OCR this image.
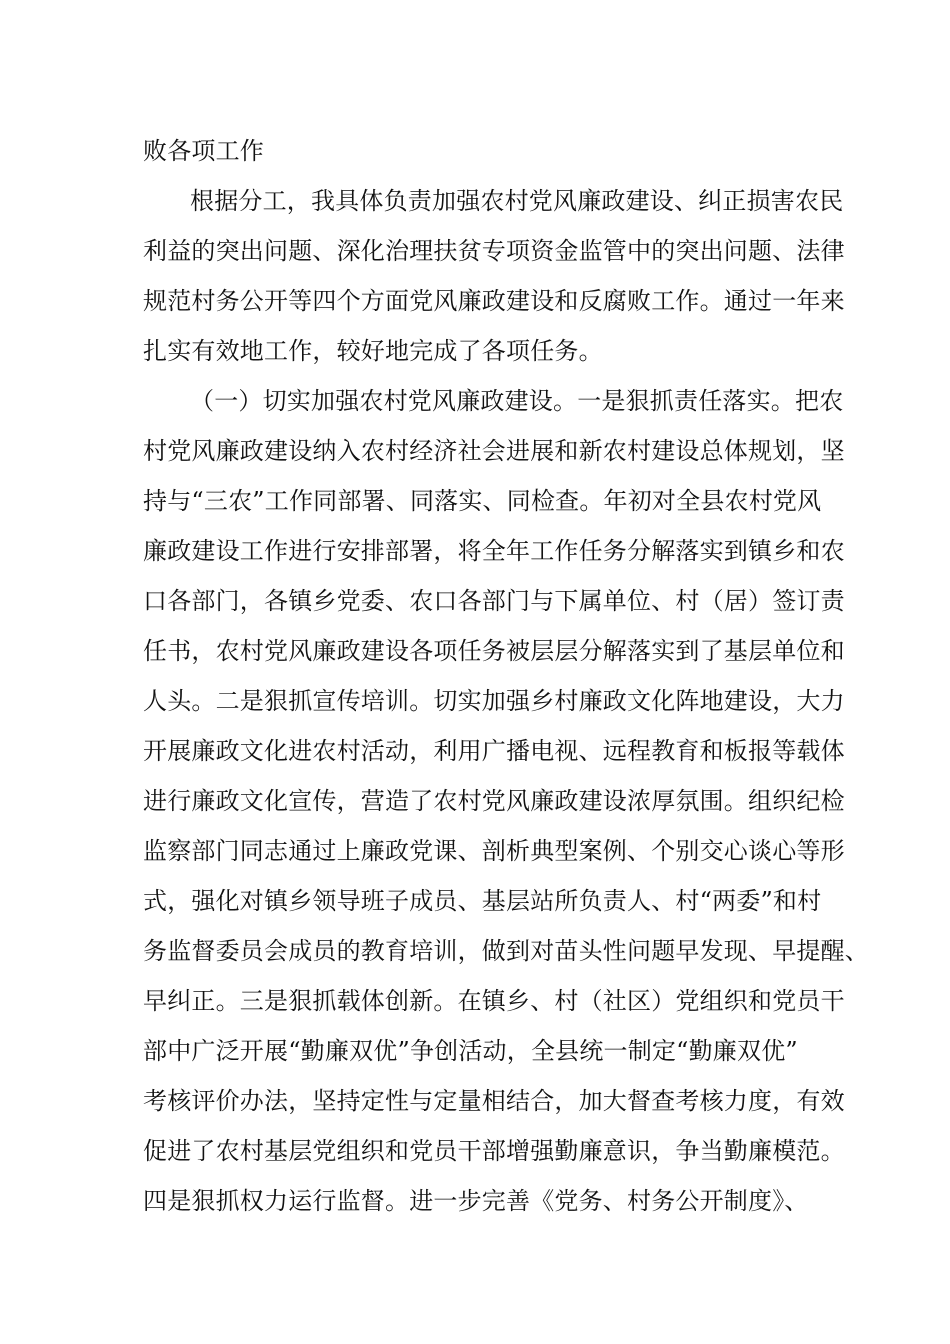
败各项工作

根据分工，我具体负责加强农村党风廉政建设、纠正损害农民

利益的突出问题、深化治理扶贫专项资金监管中的突出问题、法律

规范村务公开等四个方面党风廉政建设和反腐败工作。通过一年来

扎实有效地工作，较好地完成了各项任务。

（一）切实加强农村党风廉政建设。一是狠抓责任落实。把农

村党风廉政建设纳入农村经济社会进展和新农村建设总体规划，坚

持与“三农”工作同部署、同落实、同检查。年初对全县农村党风

廉政建设工作进行安排部署，将全年工作任务分解落实到镇乡和农

口各部门，各镇乡党委、农口各部门与下属单位、村（居）签订责

任书，农村党风廉政建设各项任务被层层分解落实到了基层单位和

人头。二是狠抓宣传培训。切实加强乡村廉政文化阵地建设，大力

开展廉政文化进农村活动，利用广播电视、远程教育和板报等载体

进行廉政文化宣传，营造了农村党风廉政建设浓厚氛围。组织纪检

监察部门同志通过上廉政党课、剖析典型案例、个别交心谈心等形

式，强化对镇乡领导班子成员、基层站所负责人、村“两委”和村

务监督委员会成员的教育培训，做到对苗头性问题早发现、早提醒、

早纠正。三是狠抓载体创新。在镇乡、村（社区）党组织和党员干

部中广泛开展“勤廉双优”争创活动，全县统一制定“勤廉双优”

考核评价办法，坚持定性与定量相结合，加大督查考核力度，有效

促进了农村基层党组织和党员干部增强勤廉意识，争当勤廉模范。

四是狠抓权力运行监督。进一步完善《党务、村务公开制度》、
